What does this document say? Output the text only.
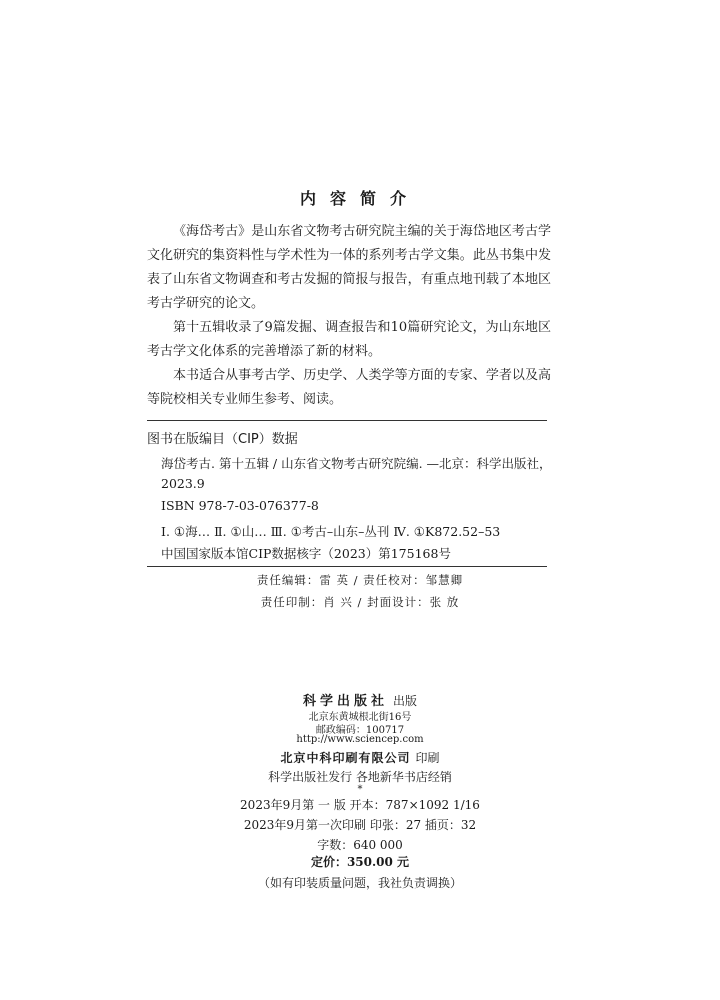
内容简介

《海岱考古》是山东省文物考古研究院主编的关于海岱地区考古学文化研究的集资料性与学术性为一体的系列考古学文集。此丛书集中发表了山东省文物调查和考古发掘的简报与报告，有重点地刊载了本地区考古学研究的论文。

第十五辑收录了9篇发掘、调查报告和10篇研究论文，为山东地区考古学文化体系的完善增添了新的材料。

本书适合从事考古学、历史学、人类学等方面的专家、学者以及高等院校相关专业师生参考、阅读。

图书在版编目（CIP）数据
海岱考古. 第十五辑 / 山东省文物考古研究院编. —北京：科学出版社，
2023.9
ISBN 978-7-03-076377-8
Ⅰ. ①海… Ⅱ. ①山… Ⅲ. ①考古–山东–丛刊 Ⅳ. ①K872.52–53
中国国家版本馆CIP数据核字（2023）第175168号
责任编辑：雷 英 / 责任校对：邹慧卿
责任印制：肖 兴 / 封面设计：张 放
科学出版社 出版
北京东黄城根北街16号
邮政编码：100717
http://www.sciencep.com
北京中科印刷有限公司 印刷
科学出版社发行 各地新华书店经销
*
2023年9月第 一 版 开本：787×1092 1/16
2023年9月第一次印刷 印张：27 插页：32
字数：640 000
定价：350.00 元
（如有印装质量问题，我社负责调换）
